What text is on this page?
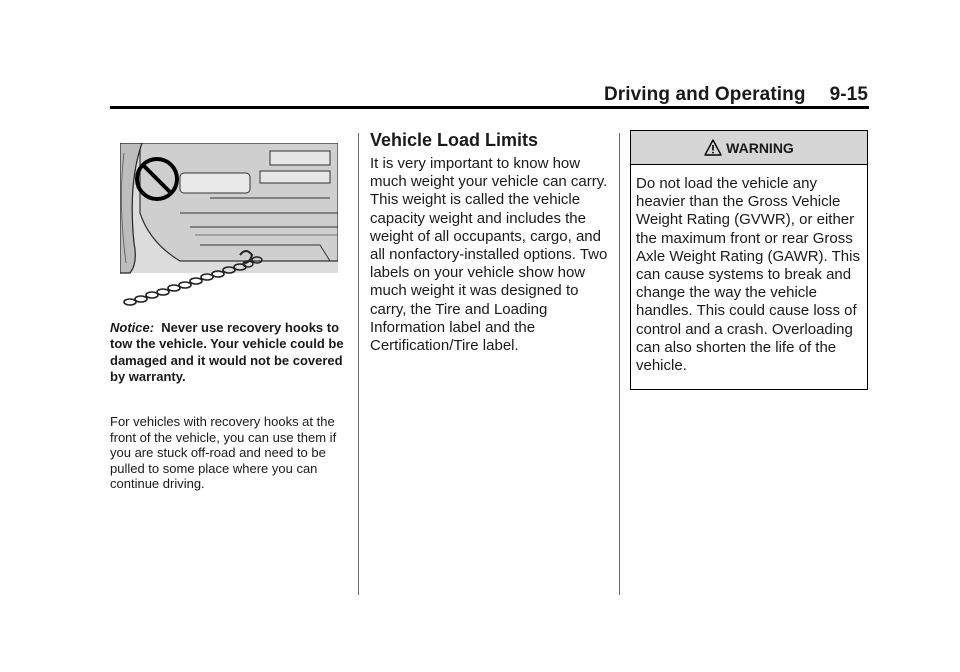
Driving and Operating 9-15
Notice: Never use recovery hooks to tow the vehicle. Your vehicle could be damaged and it would not be covered by warranty.
For vehicles with recovery hooks at the front of the vehicle, you can use them if you are stuck off-road and need to be pulled to some place where you can continue driving.
Vehicle Load Limits
It is very important to know how much weight your vehicle can carry. This weight is called the vehicle capacity weight and includes the weight of all occupants, cargo, and all nonfactory-installed options. Two labels on your vehicle show how much weight it was designed to carry, the Tire and Loading Information label and the Certification/Tire label.
WARNING
Do not load the vehicle any heavier than the Gross Vehicle Weight Rating (GVWR), or either the maximum front or rear Gross Axle Weight Rating (GAWR). This can cause systems to break and change the way the vehicle handles. This could cause loss of control and a crash. Overloading can also shorten the life of the vehicle.
